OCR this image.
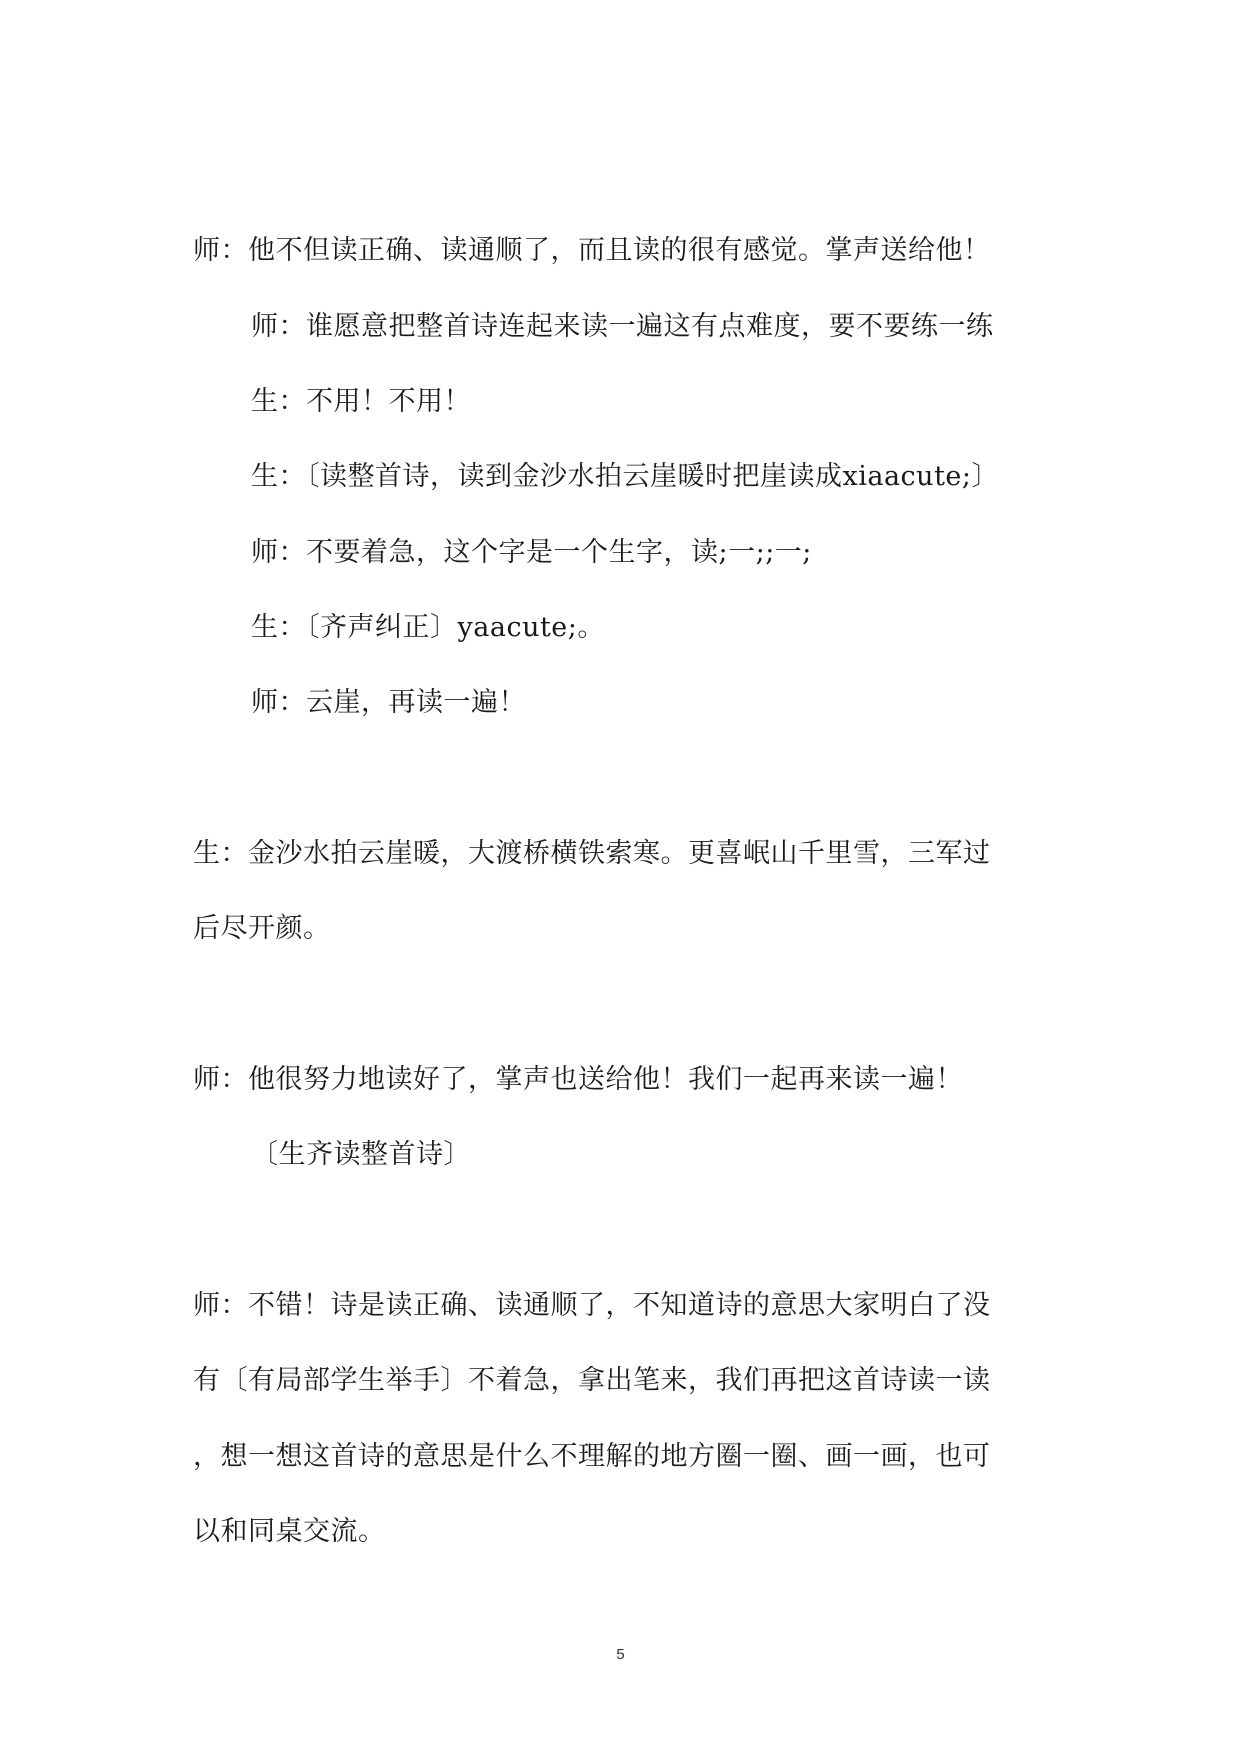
师：他不但读正确、读通顺了，而且读的很有感觉。掌声送给他！
师：谁愿意把整首诗连起来读一遍这有点难度，要不要练一练
生：不用！不用！
生：〔读整首诗，读到金沙水拍云崖暖时把崖读成xiaacute;〕
师：不要着急，这个字是一个生字，读;一;;一;
生：〔齐声纠正〕yaacute;。
师：云崖，再读一遍！
生：金沙水拍云崖暖，大渡桥横铁索寒。更喜岷山千里雪，三军过
后尽开颜。
师：他很努力地读好了，掌声也送给他！我们一起再来读一遍！
〔生齐读整首诗〕
师：不错！诗是读正确、读通顺了，不知道诗的意思大家明白了没
有〔有局部学生举手〕不着急，拿出笔来，我们再把这首诗读一读
，想一想这首诗的意思是什么不理解的地方圈一圈、画一画，也可
以和同桌交流。
5
